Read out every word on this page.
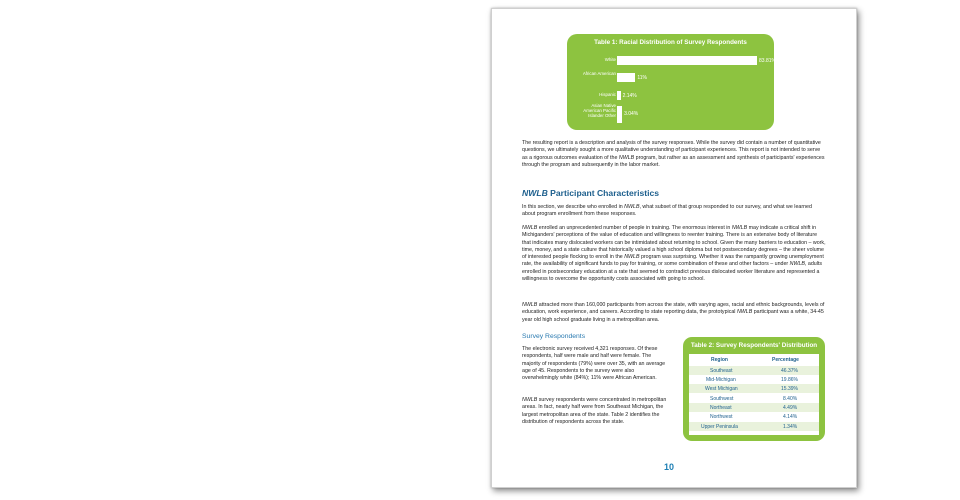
Table 1: Racial Distribution of Survey Respondents
White	83.81%
African American
11%
Hispanic 2.14%
Asian Native American Pacific Islander Other 3.04%

The resulting report is a description and analysis of the survey responses. While the survey did contain a number of quantitative questions, we ultimately sought a more qualitative understanding of participant experiences. This report is not intended to serve as a rigorous outcomes evaluation of the NWLB program, but rather as an assessment and synthesis of participants' experiences through the program and subsequently in the labor market.

NWLB Participant Characteristics

In this section, we describe who enrolled in NWLB, what subset of that group responded to our survey, and what we learned about program enrollment from these responses.

NWLB enrolled an unprecedented number of people in training. The enormous interest in NWLB may indicate a critical shift in Michiganders' perceptions of the value of education and willingness to reenter training. There is an extensive body of literature that indicates many dislocated workers can be intimidated about returning to school. Given the many barriers to education – work, time, money, and a state culture that historically valued a high school diploma but not postsecondary degrees – the sheer volume of interested people flocking to enroll in the NWLB program was surprising. Whether it was the rampantly growing unemployment rate, the availability of significant funds to pay for training, or some combination of these and other factors – under NWLB, adults enrolled in postsecondary education at a rate that seemed to contradict previous dislocated worker literature and represented a willingness to overcome the opportunity costs associated with going to school.

NWLB attracted more than 160,000 participants from across the state, with varying ages, racial and ethnic backgrounds, levels of education, work experience, and careers. According to state reporting data, the prototypical NWLB participant was a white, 34-45 year old high school graduate living in a metropolitan area.

Survey Respondents

The electronic survey received 4,321 responses. Of these respondents, half were male and half were female. The majority of respondents (79%) were over 35, with an average age of 45. Respondents to the survey were also overwhelmingly white (84%); 11% were African American.

NWLB survey respondents were concentrated in metropolitan areas. In fact, nearly half were from Southeast Michigan, the largest metropolitan area of the state. Table 2 identifies the distribution of respondents across the state.

Table 2: Survey Respondents' Distribution
Region	Percentage
Southeast	46.37%
Mid-Michigan	19.86%
West Michigan	15.39%
Southwest	8.40%
Northeast	4.49%
Northwest	4.14%
Upper Peninsula	1.34%
10
